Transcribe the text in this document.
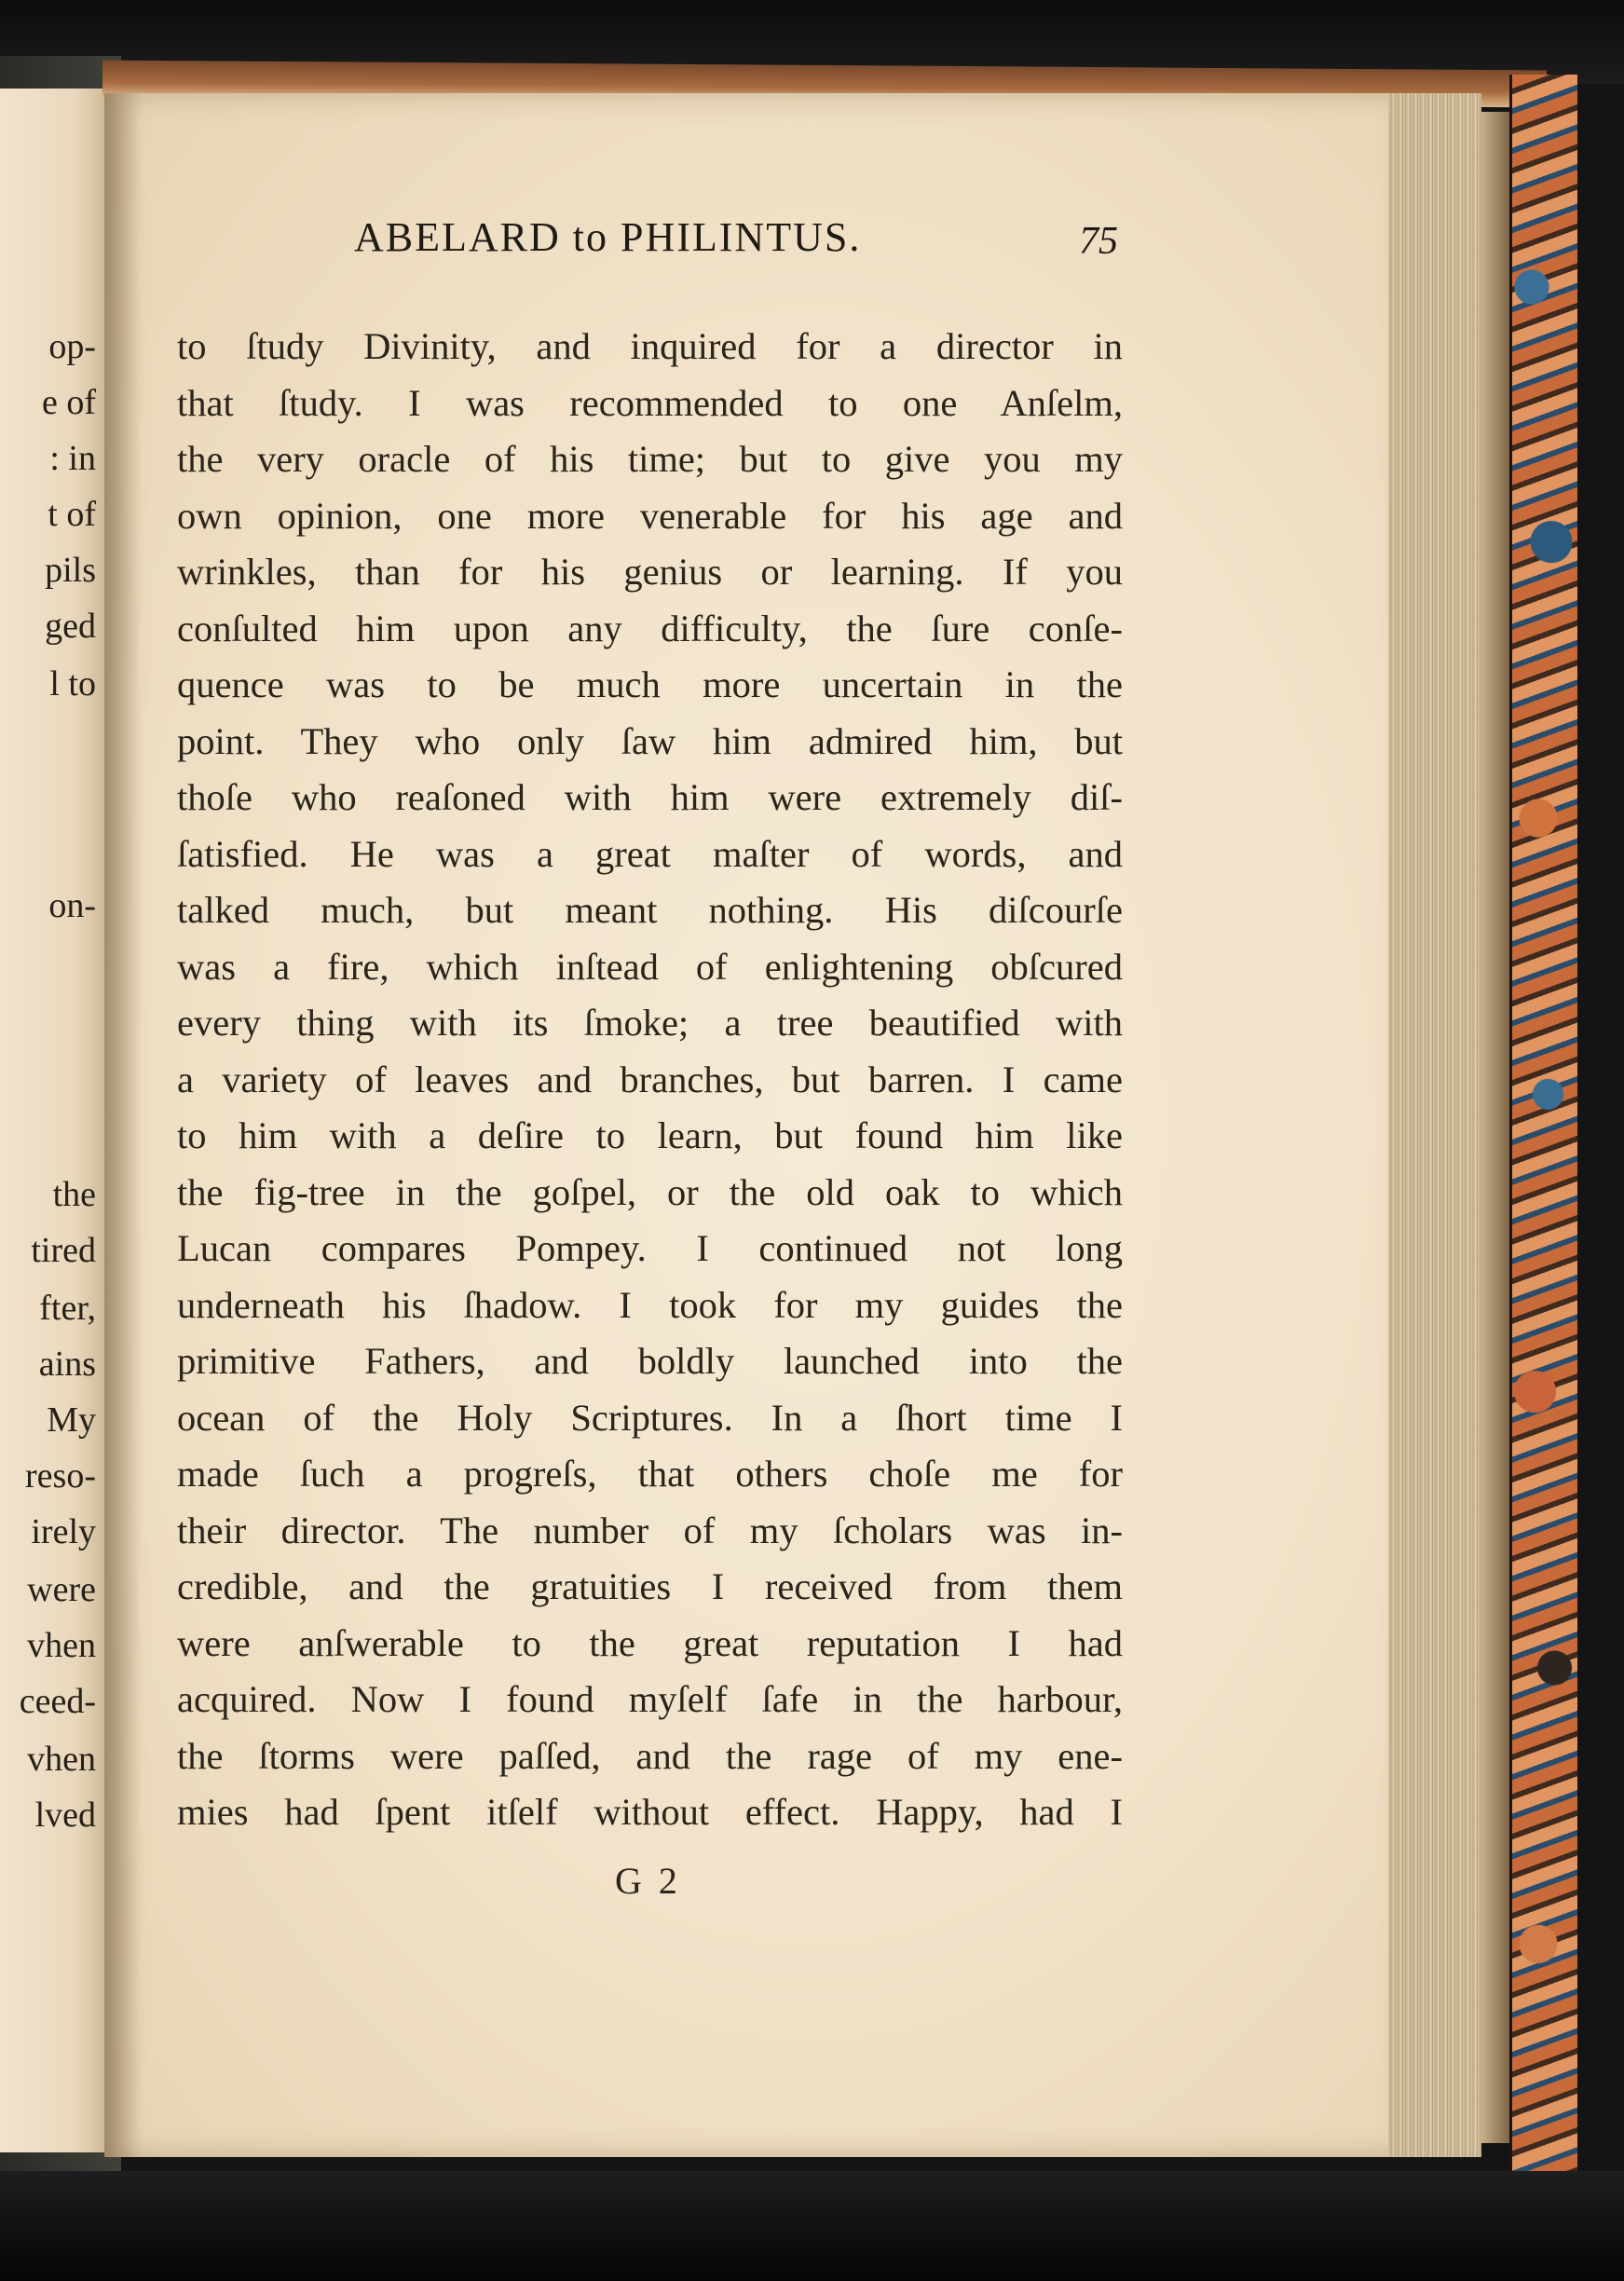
op-
e of
: in
t of
pils
ged
l to
on-
the
tired
fter,
ains
My
reso-
irely
were
vhen
ceed-
vhen
lved
ABELARD to PHILINTUS.	75
to ſtudy Divinity, and inquired for a director in
that ſtudy. I was recommended to one Anſelm,
the very oracle of his time; but to give you my
own opinion, one more venerable for his age and
wrinkles, than for his genius or learning. If you
conſulted him upon any difficulty, the ſure conſe-
quence was to be much more uncertain in the
point. They who only ſaw him admired him, but
thoſe who reaſoned with him were extremely diſ-
ſatisfied. He was a great maſter of words, and
talked much, but meant nothing. His diſcourſe
was a fire, which inſtead of enlightening obſcured
every thing with its ſmoke; a tree beautified with
a variety of leaves and branches, but barren. I came
to him with a deſire to learn, but found him like
the fig-tree in the goſpel, or the old oak to which
Lucan compares Pompey. I continued not long
underneath his ſhadow. I took for my guides the
primitive Fathers, and boldly launched into the
ocean of the Holy Scriptures. In a ſhort time I
made ſuch a progreſs, that others choſe me for
their director. The number of my ſcholars was in-
credible, and the gratuities I received from them
were anſwerable to the great reputation I had
acquired. Now I found myſelf ſafe in the harbour,
the ſtorms were paſſed, and the rage of my ene-
mies had ſpent itſelf without effect. Happy, had I
G 2
